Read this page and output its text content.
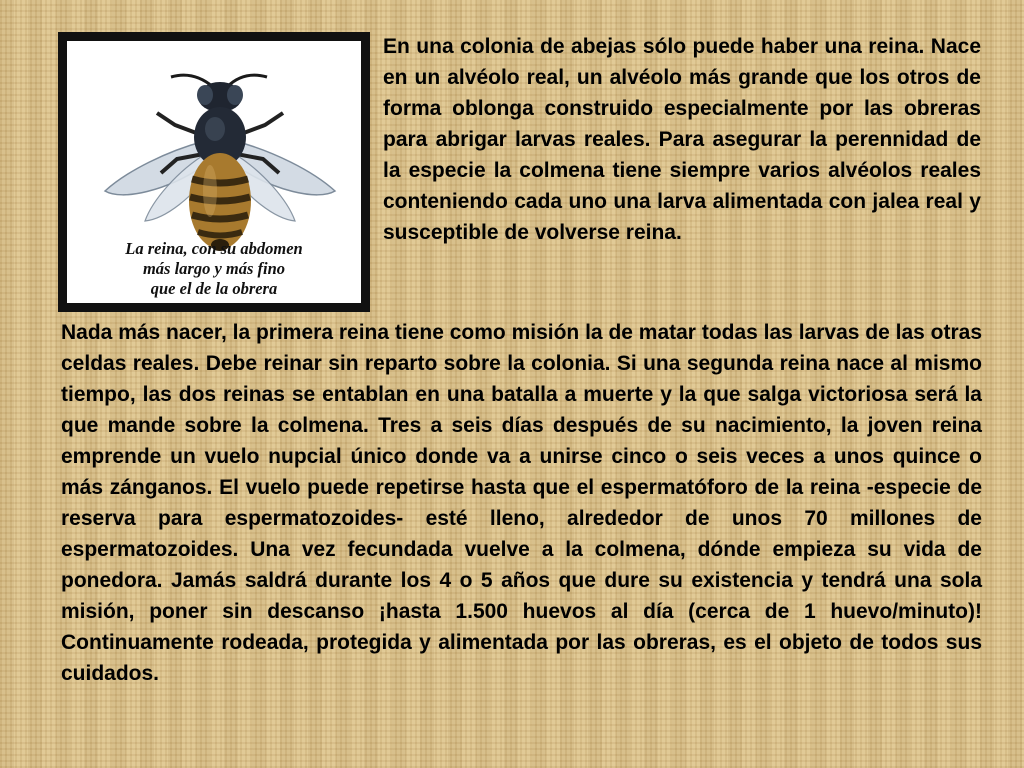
La reina, con su abdomen
más largo y más fino
que el de la obrera

En una colonia de abejas sólo puede haber una reina. Nace en un alvéolo real, un alvéolo más grande que los otros de forma oblonga construido especialmente por las obreras para abrigar larvas reales. Para asegurar la perennidad de la especie la colmena tiene siempre varios alvéolos reales conteniendo cada uno una larva alimentada con jalea real y susceptible de volverse reina.

Nada más nacer, la primera reina tiene como misión la de matar todas las larvas de las otras celdas reales. Debe reinar sin reparto sobre la colonia. Si una segunda reina nace al mismo tiempo, las dos reinas se entablan en una batalla a muerte y la que salga victoriosa será la que mande sobre la colmena. Tres a seis días después de su nacimiento, la joven reina emprende un vuelo nupcial único donde va a unirse cinco o seis veces a unos quince o más zánganos. El vuelo puede repetirse hasta que el espermatóforo de la reina -especie de reserva para espermatozoides- esté lleno, alrededor de unos 70 millones de espermatozoides. Una vez fecundada vuelve a la colmena, dónde empieza su vida de ponedora. Jamás saldrá durante los 4 o 5 años que dure su existencia y tendrá una sola misión, poner sin descanso ¡hasta 1.500 huevos al día (cerca de 1 huevo/minuto)! Continuamente rodeada, protegida y alimentada por las obreras, es el objeto de todos sus cuidados.
